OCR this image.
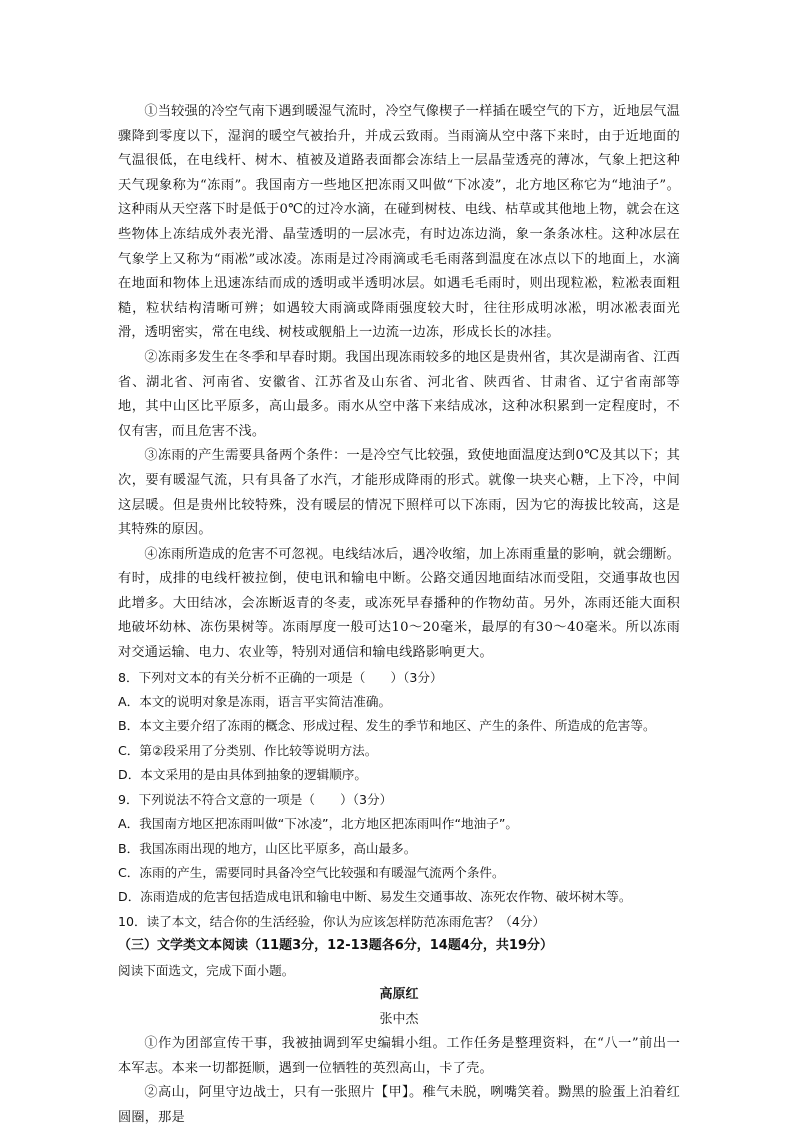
①当较强的冷空气南下遇到暖湿气流时，冷空气像楔子一样插在暖空气的下方，近地层气温骤降到零度以下，湿润的暖空气被抬升，并成云致雨。当雨滴从空中落下来时，由于近地面的气温很低，在电线杆、树木、植被及道路表面都会冻结上一层晶莹透亮的薄冰，气象上把这种天气现象称为“冻雨”。我国南方一些地区把冻雨又叫做“下冰凌”，北方地区称它为“地油子”。这种雨从天空落下时是低于0℃的过冷水滴，在碰到树枝、电线、枯草或其他地上物，就会在这些物体上冻结成外表光滑、晶莹透明的一层冰壳，有时边冻边淌，象一条条冰柱。这种冰层在气象学上又称为“雨凇”或冰凌。冻雨是过冷雨滴或毛毛雨落到温度在冰点以下的地面上，水滴在地面和物体上迅速冻结而成的透明或半透明冰层。如遇毛毛雨时，则出现粒凇，粒凇表面粗糙，粒状结构清晰可辨；如遇较大雨滴或降雨强度较大时，往往形成明冰凇，明冰凇表面光滑，透明密实，常在电线、树枝或舰船上一边流一边冻，形成长长的冰挂。

②冻雨多发生在冬季和早春时期。我国出现冻雨较多的地区是贵州省，其次是湖南省、江西省、湖北省、河南省、安徽省、江苏省及山东省、河北省、陕西省、甘肃省、辽宁省南部等地，其中山区比平原多，高山最多。雨水从空中落下来结成冰，这种冰积累到一定程度时，不仅有害，而且危害不浅。

③冻雨的产生需要具备两个条件：一是冷空气比较强，致使地面温度达到0℃及其以下；其次，要有暖湿气流，只有具备了水汽，才能形成降雨的形式。就像一块夹心糖，上下冷，中间这层暖。但是贵州比较特殊，没有暖层的情况下照样可以下冻雨，因为它的海拔比较高，这是其特殊的原因。

④冻雨所造成的危害不可忽视。电线结冰后，遇冷收缩，加上冻雨重量的影响，就会绷断。有时，成排的电线杆被拉倒，使电讯和输电中断。公路交通因地面结冰而受阻，交通事故也因此增多。大田结冰，会冻断返青的冬麦，或冻死早春播种的作物幼苗。另外，冻雨还能大面积地破坏幼林、冻伤果树等。冻雨厚度一般可达10～20毫米，最厚的有30～40毫米。所以冻雨对交通运输、电力、农业等，特别对通信和输电线路影响更大。

8．下列对文本的有关分析不正确的一项是（　　）（3分）

A．本文的说明对象是冻雨，语言平实简洁准确。

B．本文主要介绍了冻雨的概念、形成过程、发生的季节和地区、产生的条件、所造成的危害等。

C．第②段采用了分类别、作比较等说明方法。

D．本文采用的是由具体到抽象的逻辑顺序。

9．下列说法不符合文意的一项是（　　）（3分）

A．我国南方地区把冻雨叫做“下冰凌”，北方地区把冻雨叫作“地油子”。

B．我国冻雨出现的地方，山区比平原多，高山最多。

C．冻雨的产生，需要同时具备冷空气比较强和有暖湿气流两个条件。

D．冻雨造成的危害包括造成电讯和输电中断、易发生交通事故、冻死农作物、破坏树木等。

10．读了本文，结合你的生活经验，你认为应该怎样防范冻雨危害？（4分）

（三）文学类文本阅读（11题3分，12-13题各6分，14题4分，共19分）

阅读下面选文，完成下面小题。

高原红

张中杰

①作为团部宣传干事，我被抽调到军史编辑小组。工作任务是整理资料，在“八一”前出一本军志。本来一切都挺顺，遇到一位牺牲的英烈高山，卡了壳。

②高山，阿里守边战士，只有一张照片【甲】。稚气未脱，咧嘴笑着。黝黑的脸蛋上泊着红圆圈，那是
